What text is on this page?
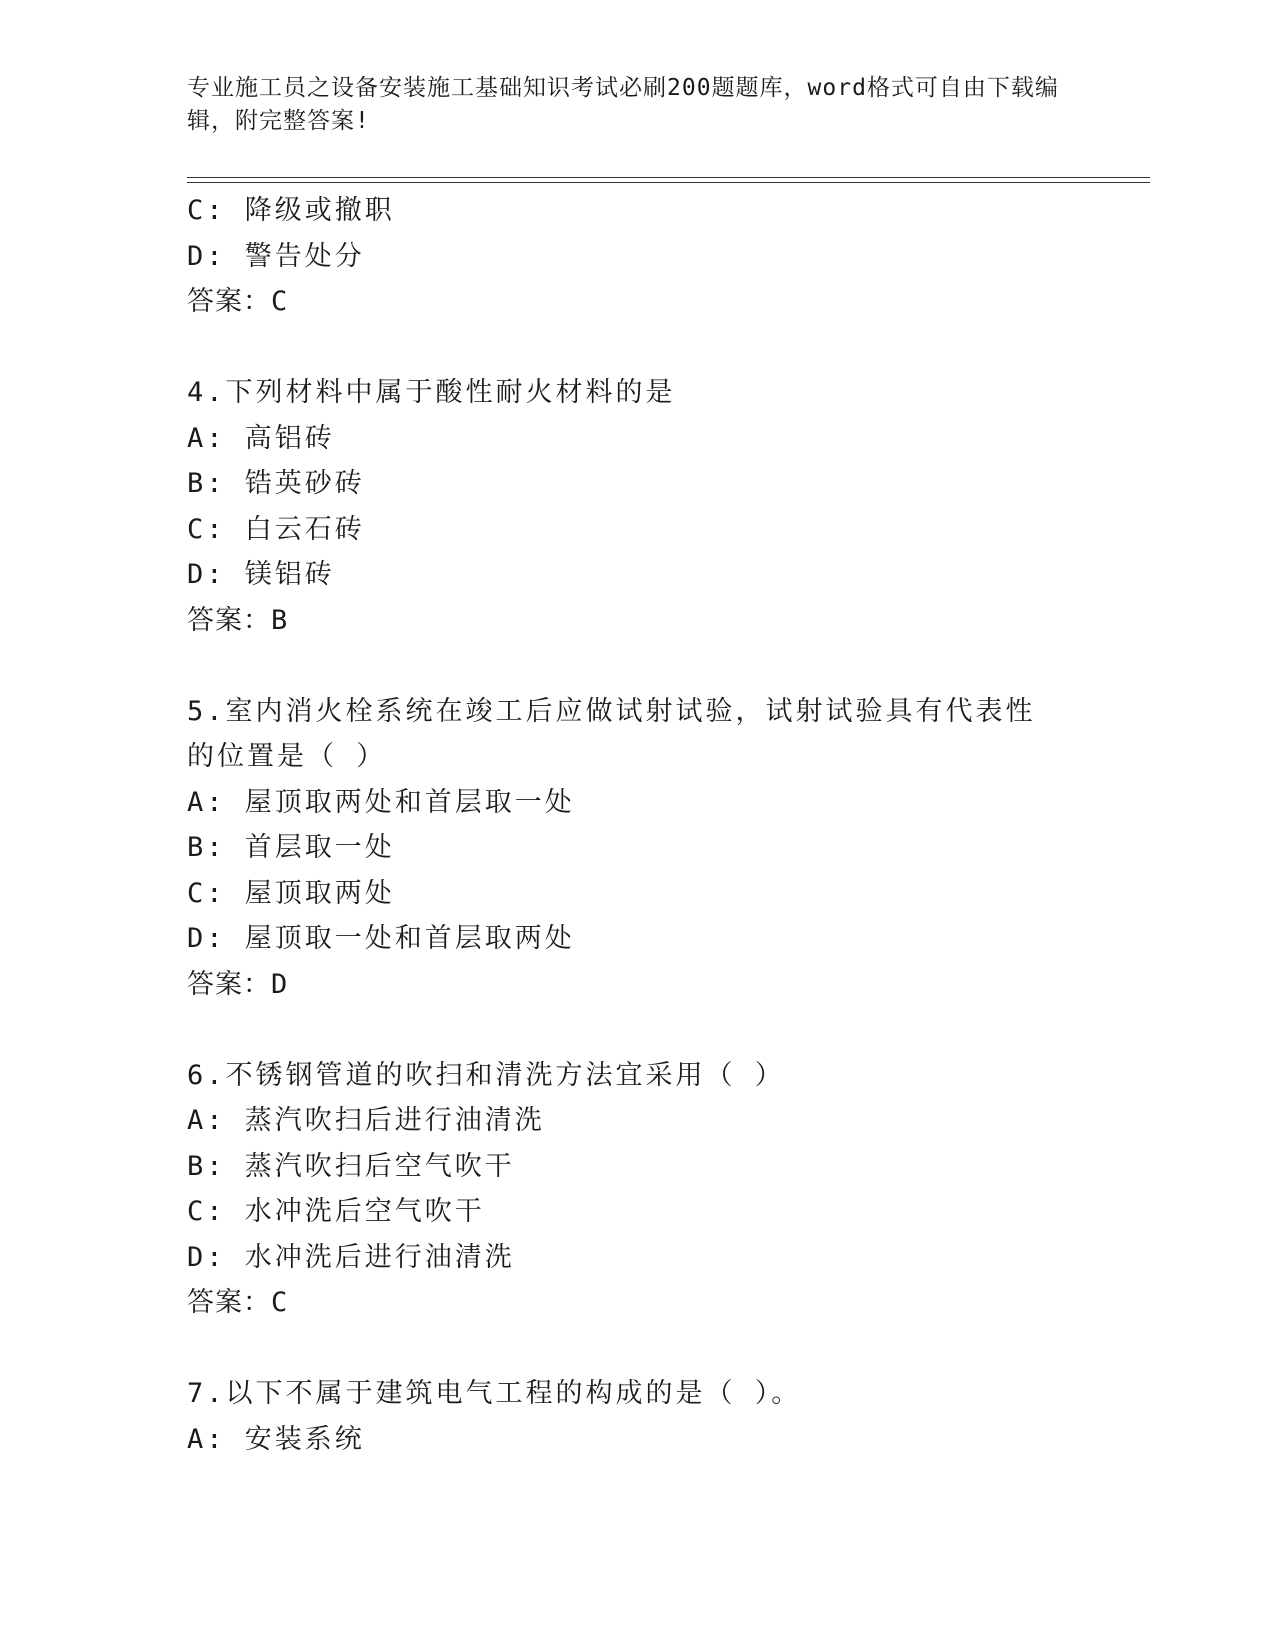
专业施工员之设备安装施工基础知识考试必刷200题题库，word格式可自由下载编辑，附完整答案!
C: 降级或撤职
D: 警告处分
答案：C
4.下列材料中属于酸性耐火材料的是
A: 高铝砖
B: 锆英砂砖
C: 白云石砖
D: 镁铝砖
答案：B
5.室内消火栓系统在竣工后应做试射试验，试射试验具有代表性的位置是（ ）
A: 屋顶取两处和首层取一处
B: 首层取一处
C: 屋顶取两处
D: 屋顶取一处和首层取两处
答案：D
6.不锈钢管道的吹扫和清洗方法宜采用（ ）
A: 蒸汽吹扫后进行油清洗
B: 蒸汽吹扫后空气吹干
C: 水冲洗后空气吹干
D: 水冲洗后进行油清洗
答案：C
7.以下不属于建筑电气工程的构成的是（ ）。
A: 安装系统
